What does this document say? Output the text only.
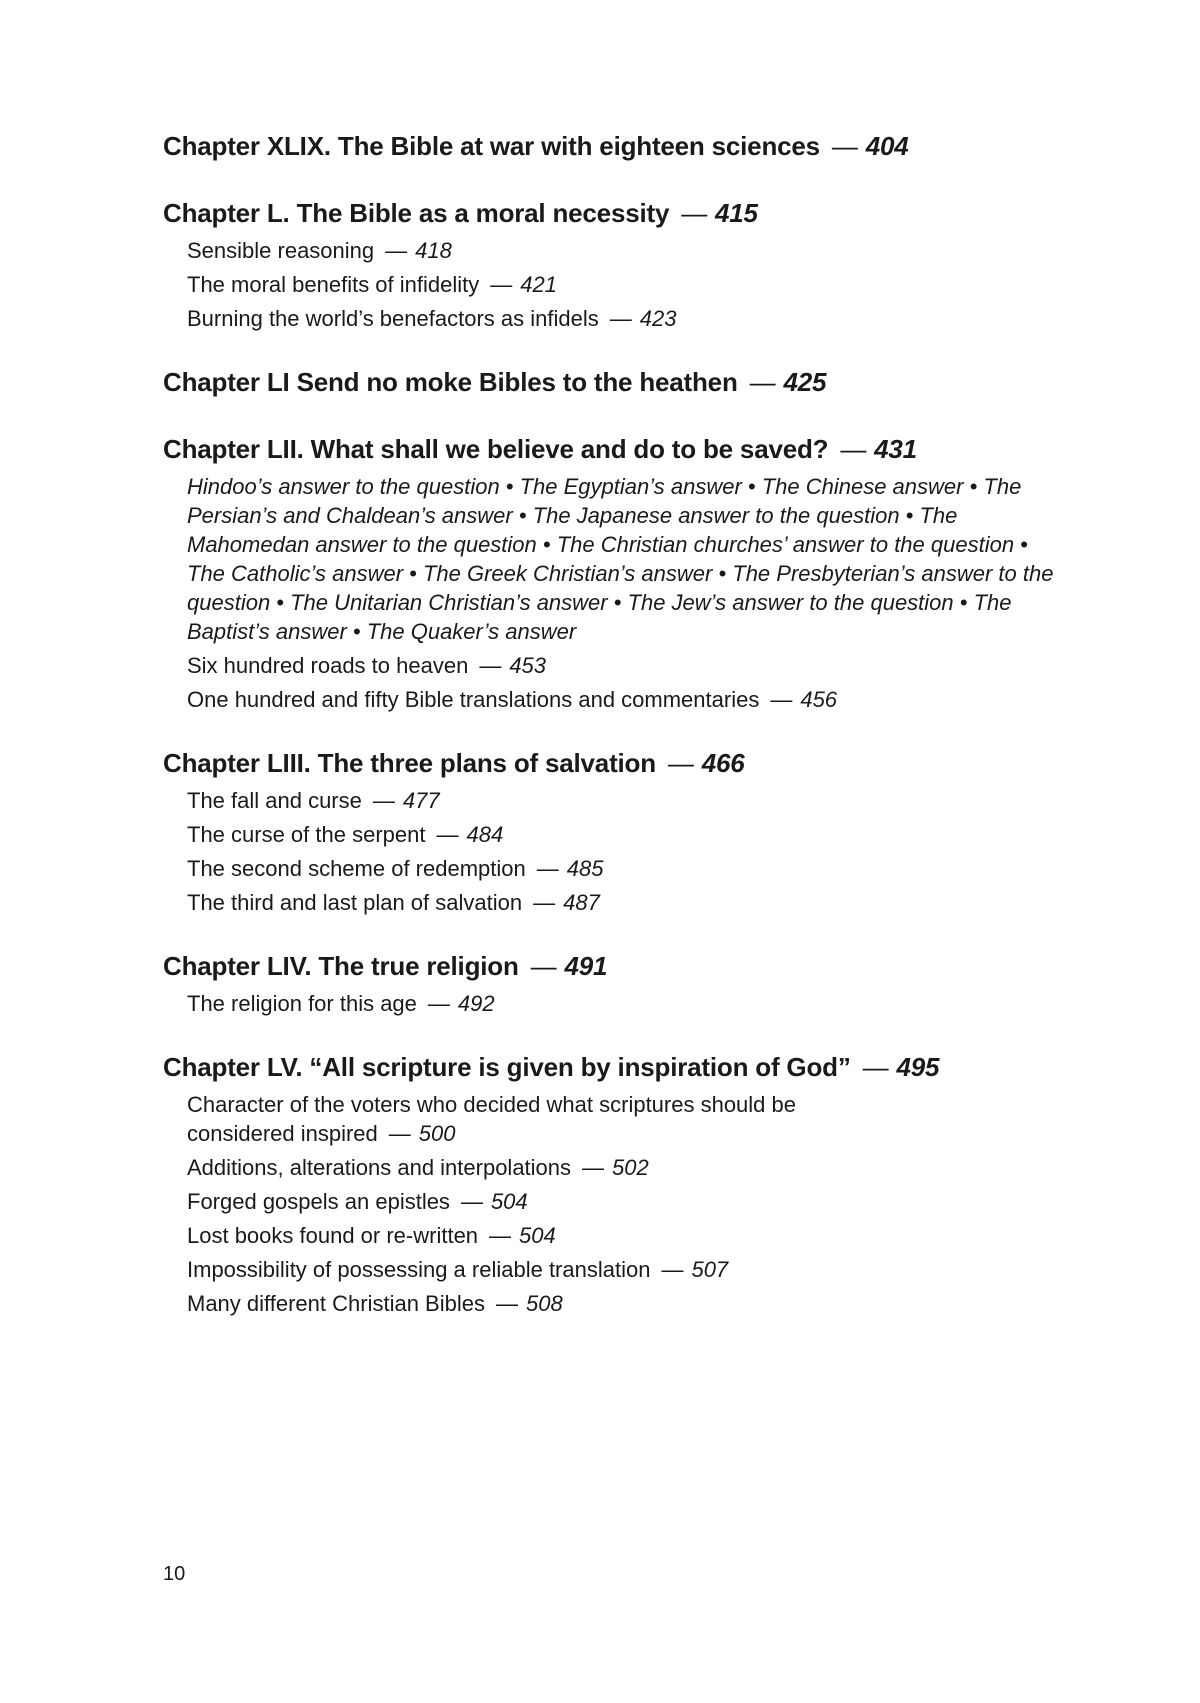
Chapter XLIX. The Bible at war with eighteen sciences — 404

Chapter L. The Bible as a moral necessity — 415

Sensible reasoning — 418

The moral benefits of infidelity — 421

Burning the world’s benefactors as infidels — 423

Chapter LI Send no moke Bibles to the heathen — 425

Chapter LII. What shall we believe and do to be saved? — 431

Hindoo’s answer to the question • The Egyptian’s answer • The Chinese answer • The Persian’s and Chaldean’s answer • The Japanese answer to the question • The Mahomedan answer to the question • The Christian churches’ answer to the question • The Catholic’s answer • The Greek Christian’s answer • The Presbyterian’s answer to the question • The Unitarian Christian’s answer • The Jew’s answer to the question • The Baptist’s answer • The Quaker’s answer

Six hundred roads to heaven — 453

One hundred and fifty Bible translations and commentaries — 456

Chapter LIII. The three plans of salvation — 466

The fall and curse — 477

The curse of the serpent — 484

The second scheme of redemption — 485

The third and last plan of salvation — 487

Chapter LIV. The true religion — 491

The religion for this age — 492

Chapter LV. “All scripture is given by inspiration of God” — 495

Character of the voters who decided what scriptures should be considered inspired — 500

Additions, alterations and interpolations — 502

Forged gospels an epistles — 504

Lost books found or re-written — 504

Impossibility of possessing a reliable translation — 507

Many different Christian Bibles — 508

10
